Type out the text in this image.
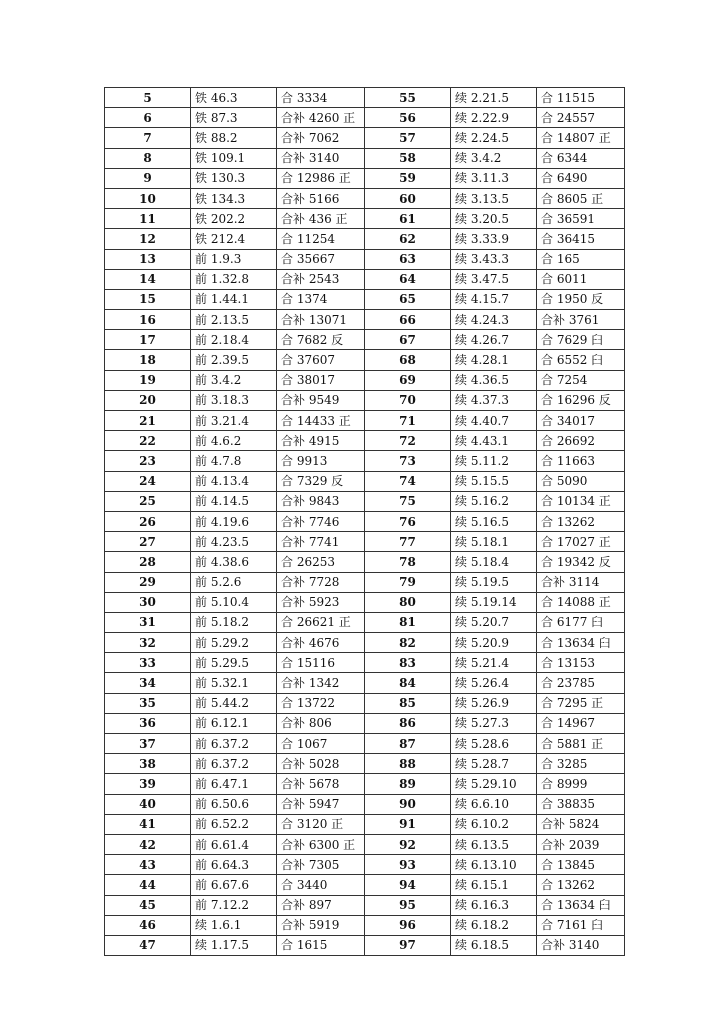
5	铁 46.3	合 3334	55	续 2.21.5	合 11515
6	铁 87.3	合补 4260 正	56	续 2.22.9	合 24557
7	铁 88.2	合补 7062	57	续 2.24.5	合 14807 正
8	铁 109.1	合补 3140	58	续 3.4.2	合 6344
9	铁 130.3	合 12986 正	59	续 3.11.3	合 6490
10	铁 134.3	合补 5166	60	续 3.13.5	合 8605 正
11	铁 202.2	合补 436 正	61	续 3.20.5	合 36591
12	铁 212.4	合 11254	62	续 3.33.9	合 36415
13	前 1.9.3	合 35667	63	续 3.43.3	合 165
14	前 1.32.8	合补 2543	64	续 3.47.5	合 6011
15	前 1.44.1	合 1374	65	续 4.15.7	合 1950 反
16	前 2.13.5	合补 13071	66	续 4.24.3	合补 3761
17	前 2.18.4	合 7682 反	67	续 4.26.7	合 7629 臼
18	前 2.39.5	合 37607	68	续 4.28.1	合 6552 臼
19	前 3.4.2	合 38017	69	续 4.36.5	合 7254
20	前 3.18.3	合补 9549	70	续 4.37.3	合 16296 反
21	前 3.21.4	合 14433 正	71	续 4.40.7	合 34017
22	前 4.6.2	合补 4915	72	续 4.43.1	合 26692
23	前 4.7.8	合 9913	73	续 5.11.2	合 11663
24	前 4.13.4	合 7329 反	74	续 5.15.5	合 5090
25	前 4.14.5	合补 9843	75	续 5.16.2	合 10134 正
26	前 4.19.6	合补 7746	76	续 5.16.5	合 13262
27	前 4.23.5	合补 7741	77	续 5.18.1	合 17027 正
28	前 4.38.6	合 26253	78	续 5.18.4	合 19342 反
29	前 5.2.6	合补 7728	79	续 5.19.5	合补 3114
30	前 5.10.4	合补 5923	80	续 5.19.14	合 14088 正
31	前 5.18.2	合 26621 正	81	续 5.20.7	合 6177 臼
32	前 5.29.2	合补 4676	82	续 5.20.9	合 13634 臼
33	前 5.29.5	合 15116	83	续 5.21.4	合 13153
34	前 5.32.1	合补 1342	84	续 5.26.4	合 23785
35	前 5.44.2	合 13722	85	续 5.26.9	合 7295 正
36	前 6.12.1	合补 806	86	续 5.27.3	合 14967
37	前 6.37.2	合 1067	87	续 5.28.6	合 5881 正
38	前 6.37.2	合补 5028	88	续 5.28.7	合 3285
39	前 6.47.1	合补 5678	89	续 5.29.10	合 8999
40	前 6.50.6	合补 5947	90	续 6.6.10	合 38835
41	前 6.52.2	合 3120 正	91	续 6.10.2	合补 5824
42	前 6.61.4	合补 6300 正	92	续 6.13.5	合补 2039
43	前 6.64.3	合补 7305	93	续 6.13.10	合 13845
44	前 6.67.6	合 3440	94	续 6.15.1	合 13262
45	前 7.12.2	合补 897	95	续 6.16.3	合 13634 臼
46	续 1.6.1	合补 5919	96	续 6.18.2	合 7161 臼
47	续 1.17.5	合 1615	97	续 6.18.5	合补 3140
